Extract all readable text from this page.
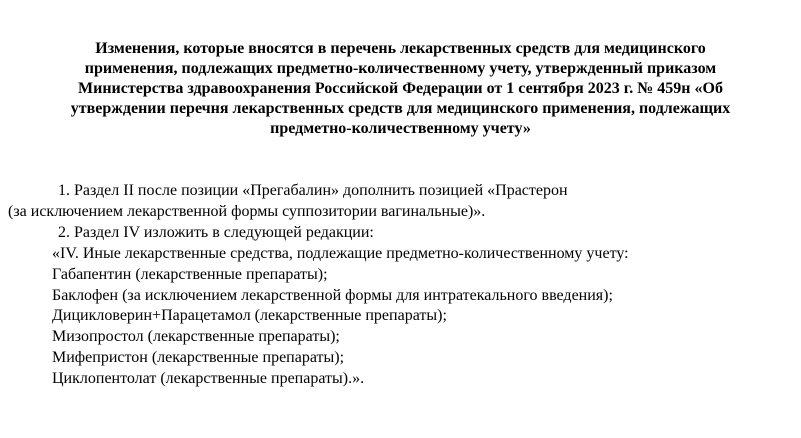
Изменения, которые вносятся в перечень лекарственных средств для медицинского
применения, подлежащих предметно-количественному учету, утвержденный приказом
Министерства здравоохранения Российской Федерации от 1 сентября 2023 г. № 459н «Об
утверждении перечня лекарственных средств для медицинского применения, подлежащих
предметно-количественному учету»
1. Раздел II после позиции «Прегабалин» дополнить позицией «Прастерон
(за исключением лекарственной формы суппозитории вагинальные)».
2. Раздел IV изложить в следующей редакции:
«IV. Иные лекарственные средства, подлежащие предметно-количественному учету:
Габапентин (лекарственные препараты);
Баклофен (за исключением лекарственной формы для интратекального введения);
Дицикловерин+Парацетамол (лекарственные препараты);
Мизопростол (лекарственные препараты);
Мифепристон (лекарственные препараты);
Циклопентолат (лекарственные препараты).».
